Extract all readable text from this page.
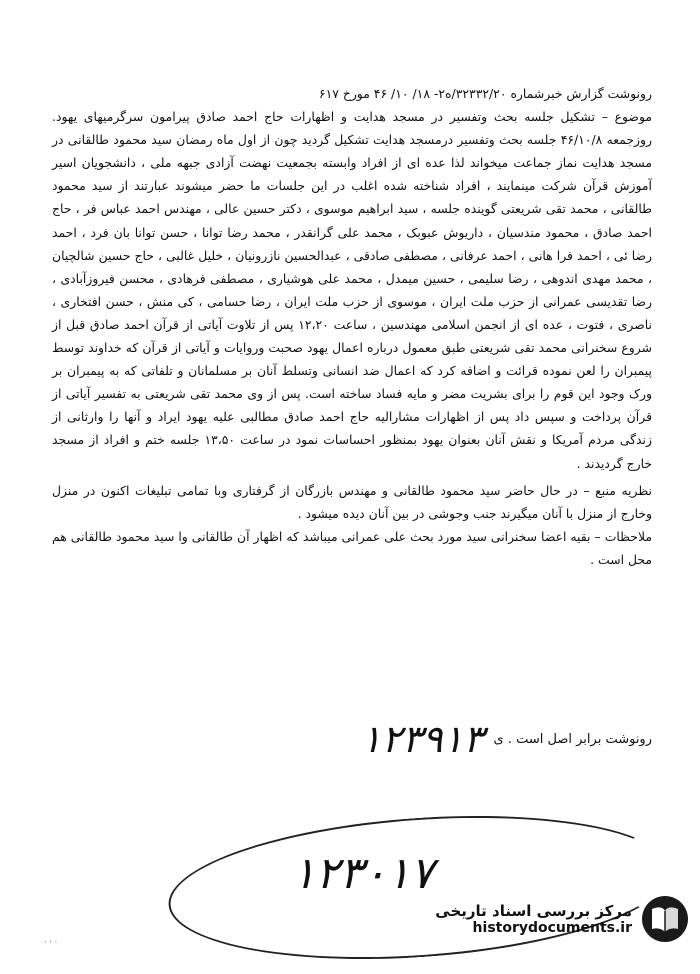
رونوشت گزارش خبرشماره ۳۲۳۳۲/۲۰/ه۲- ۱۸/ ۱۰/ ۴۶ مورخ ۶۱۷

موضوع – تشکیل جلسه بحث وتفسیر در مسجد هدایت و اظهارات حاج احمد صادق پیرامون سرگرمیهای یهود. روزجمعه ۴۶/۱۰/۸ جلسه بحث وتفسیر درمسجد هدایت تشکیل گردید چون از اول ماه رمضان سید محمود طالقانی در مسجد هدایت نماز جماعت میخواند لذا عده ای از افراد وابسته بجمعیت نهضت آزادی جبهه ملی ، دانشجویان اسیر آموزش قرآن شرکت مینمایند ، افراد شناخته شده اغلب در این جلسات ما حضر میشوند عبارتند از سید محمود طالقانی ، محمد تقی شریعتی گوینده جلسه ، سید ابراهیم موسوی ، دکتر حسین عالی ، مهندس احمد عباس فر ، حاج احمد صادق ، محمود مندسیان ، داریوش عبوبک ، محمد علی گرانقدر ، محمد رضا توانا ، حسن توانا بان فرد ، احمد رضا ئی ، احمد فرا هانی ، احمد عرفانی ، مصطفی صادقی ، عبدالحسین نازرونیان ، خلیل غالبی ، حاج حسین شالچیان ، محمد مهدی اندوهی ، رضا سلیمی ، حسین میمدل ، محمد علی هوشیاری ، مصطفی فرهادی ، محسن فیروزآبادی ، رضا تقدیسی عمرانی از حزب ملت ایران ، موسوی از حزب ملت ایران ، رضا حسامی ، کی منش ، حسن افتخاری ، ناصری ، فتوت ، عده ای از انجمن اسلامی مهندسین ، ساعت ۱۲،۲۰ پس از تلاوت آیاتی از قرآن احمد صادق قبل از شروع سخنرانی محمد تقی شریعتی طبق معمول درباره اعمال یهود صحبت وروایات و آیاتی از قرآن که خداوند توسط پیمبران را لعن نموده قرائت و اضافه کرد که اعمال ضد انسانی وتسلط آنان بر مسلمانان و تلفاتی که به پیمبران بر ورک وجود این قوم را برای بشریت مضر و مایه فساد ساخته است. پس از وی محمد تقی شریعتی به تفسیر آیاتی از قرآن پرداخت و سپس داد پس از اظهارات مشارالیه حاج احمد صادق مطالبی علیه یهود ایراد و آنها را وارثانی از زندگی مردم آمریکا و نقش آنان بعنوان یهود بمنظور احساسات نمود در ساعت ۱۳،۵۰ جلسه ختم و افراد از مسجد خارج گردیدند .

نظریه منبع – در حال حاضر سید محمود طالقانی و مهندس بازرگان از گرفتاری وبا تمامی تبلیغات اکنون در منزل وخارج از منزل با آنان میگیرند جنب وجوشی در بین آنان دیده میشود .

ملاحظات – بقیه اعضا سخنرانی سید مورد بحث علی عمرانی میباشد که اظهار آن طالقانی وا سید محمود طالقانی هم محل است .

رونوشت برابر اصل است . ی
۱۲۳۹۱۳
۱۲۳۰۱۷
' ' '
مرکز بررسی اسناد تاریخی
historydocuments.ir
